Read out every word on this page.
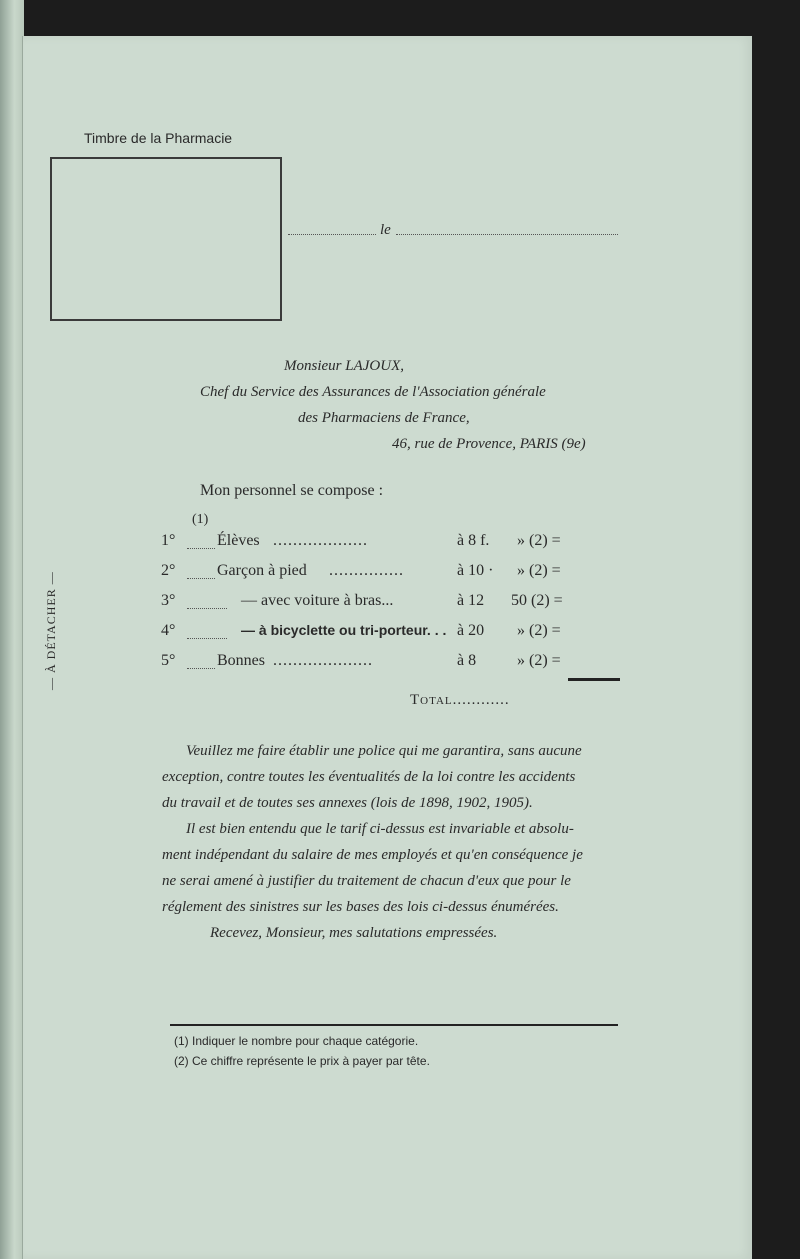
Timbre de la Pharmacie
le
Monsieur LAJOUX,
Chef du Service des Assurances de l'Association générale
des Pharmaciens de France,
46, rue de Provence, PARIS (9e)
— À DÉTACHER —
Mon personnel se compose :
(1)
1°	Élèves ...................	à 8 f. » (2) =
2°	Garçon à pied ...............	à 10 · » (2) =
3°	— avec voiture à bras...	à 12 50 (2) =
4°	— à bicyclette ou tri-porteur. . . à 20 » (2) =
5°	Bonnes ....................	à 8	» (2) =
Total............
Veuillez me faire établir une police qui me garantira, sans aucune
exception, contre toutes les éventualités de la loi contre les accidents
du travail et de toutes ses annexes (lois de 1898, 1902, 1905).
Il est bien entendu que le tarif ci-dessus est invariable et absolu-
ment indépendant du salaire de mes employés et qu'en conséquence je
ne serai amené à justifier du traitement de chacun d'eux que pour le
réglement des sinistres sur les bases des lois ci-dessus énumérées.
Recevez, Monsieur, mes salutations empressées.
(1) Indiquer le nombre pour chaque catégorie.
(2) Ce chiffre représente le prix à payer par tête.
